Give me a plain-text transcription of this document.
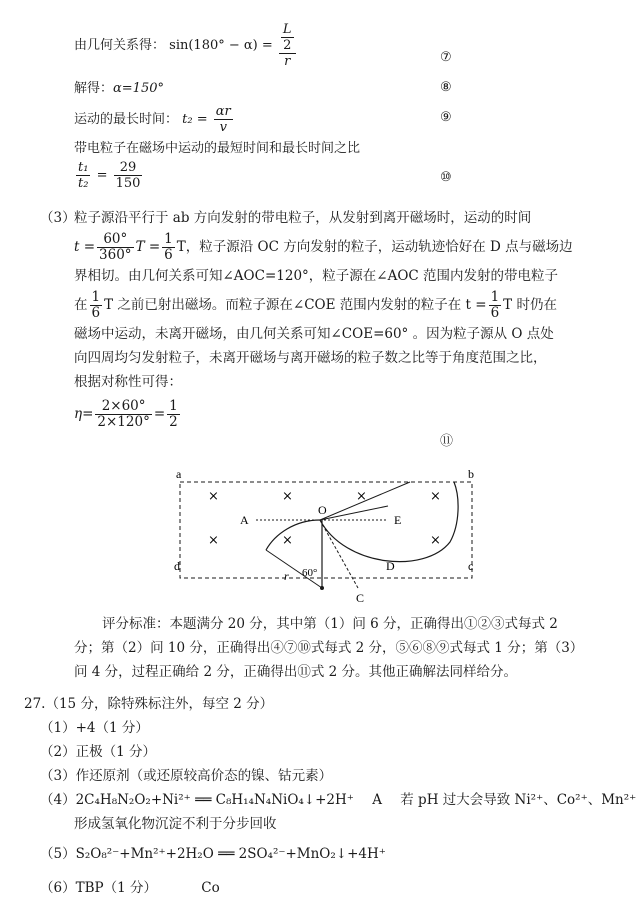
由几何关系得： $\sin(180^\circ - \alpha) = \frac{\frac{L}{2}}{r}$	⑦
解得：α=150°	⑧
运动的最长时间： $t_2 = \frac{\alpha r}{v}$	⑨
带电粒子在磁场中运动的最短时间和最长时间之比
$\frac{\text{t₁}}{\text{t₂}} = \frac{29}{150}$	⑩
（3）
粒子源沿平行于 ab 方向发射的带电粒子，从发射到离开磁场时，运动的时间
$t = \frac{60^\circ}{360^\circ}$ $T = \frac{1}{6}$ T，粒子源沿 OC 方向发射的粒子，运动轨迹恰好在 D 点与磁场边
界相切。由几何关系可知∠AOC=120°，粒子源在∠AOC 范围内发射的带电粒子
在 $\frac{1}{6}$ T 之前已射出磁场。而粒子源在∠COE 范围内发射的粒子在 $t = \frac{1}{6}$ T 时仍在
磁场中运动，未离开磁场，由几何关系可知∠COE=60° 。因为粒子源从 O 点处
向四周均匀发射粒子，未离开磁场与离开磁场的粒子数之比等于角度范围之比，
根据对称性可得：
$\eta= \frac{2\times 60^\circ}{2\times 120^\circ} = \frac{1}{2}$
⑪
a	b
d	c
×	×	×	×
×	×	×
A	E
O
r 60°
C
D
评分标准：本题满分 20 分，其中第（1）问 6 分，正确得出①②③式每式 2
分；第（2）问 10 分，正确得出④⑦⑩式每式 2 分，⑤⑥⑧⑨式每式 1 分；第（3）
问 4 分，过程正确给 2 分，正确得出⑪式 2 分。其他正确解法同样给分。
27.（15 分，除特殊标注外，每空 2 分）
（1）+4（1 分）
（2）正极（1 分）
（3）作还原剂（或还原较高价态的镍、钴元素）
（4）2C₄H₈N₂O₂+Ni²⁺ ══ C₈H₁₄N₄NiO₄↓+2H⁺ A 若 pH 过大会导致 Ni²⁺、Co²⁺、Mn²⁺
形成氢氧化物沉淀不利于分步回收
（5）S₂O₈²⁻+Mn²⁺+2H₂O ══ 2SO₄²⁻+MnO₂↓+4H⁺
（6）TBP（1 分）	Co
